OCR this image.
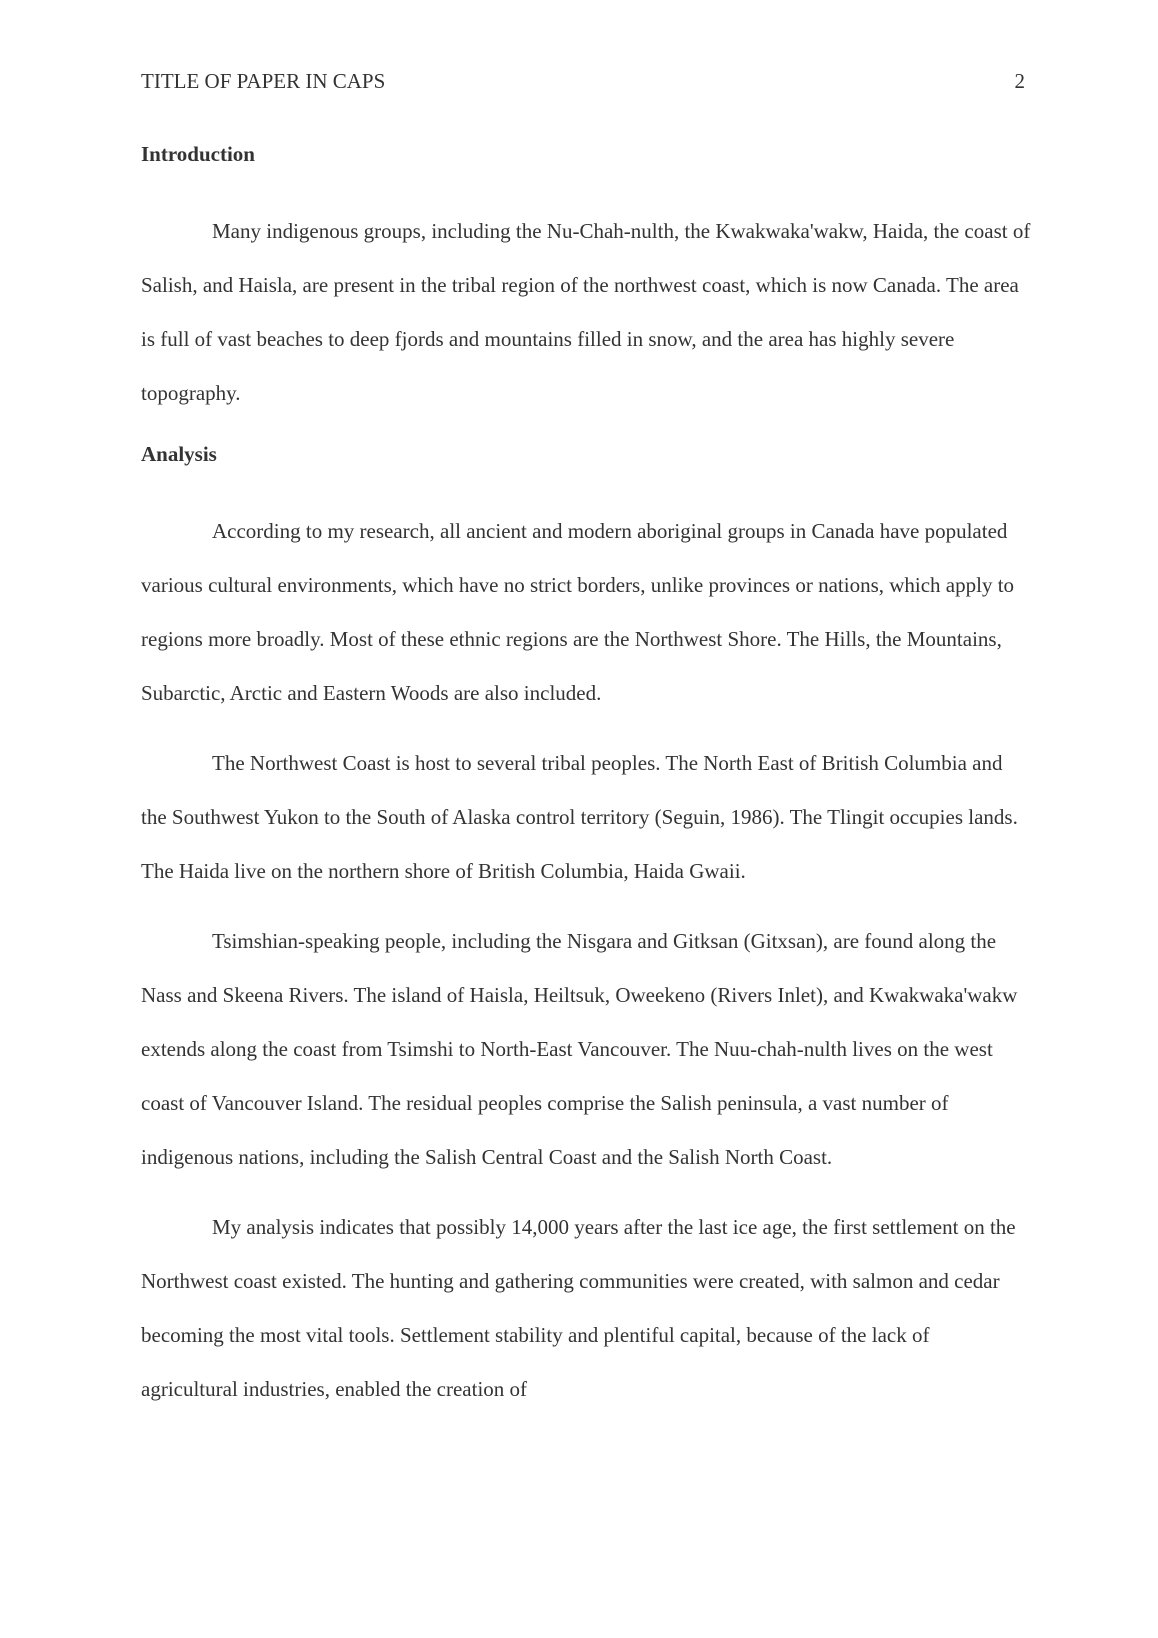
TITLE OF PAPER IN CAPS	2
Introduction

Many indigenous groups, including the Nu-Chah-nulth, the Kwakwaka'wakw, Haida, the coast of Salish, and Haisla, are present in the tribal region of the northwest coast, which is now Canada. The area is full of vast beaches to deep fjords and mountains filled in snow, and the area has highly severe topography.

Analysis

According to my research, all ancient and modern aboriginal groups in Canada have populated various cultural environments, which have no strict borders, unlike provinces or nations, which apply to regions more broadly. Most of these ethnic regions are the Northwest Shore. The Hills, the Mountains, Subarctic, Arctic and Eastern Woods are also included.

The Northwest Coast is host to several tribal peoples. The North East of British Columbia and the Southwest Yukon to the South of Alaska control territory (Seguin, 1986). The Tlingit occupies lands. The Haida live on the northern shore of British Columbia, Haida Gwaii.

Tsimshian-speaking people, including the Nisgara and Gitksan (Gitxsan), are found along the Nass and Skeena Rivers. The island of Haisla, Heiltsuk, Oweekeno (Rivers Inlet), and Kwakwaka'wakw extends along the coast from Tsimshi to North-East Vancouver. The Nuu-chah-nulth lives on the west coast of Vancouver Island. The residual peoples comprise the Salish peninsula, a vast number of indigenous nations, including the Salish Central Coast and the Salish North Coast.

My analysis indicates that possibly 14,000 years after the last ice age, the first settlement on the Northwest coast existed. The hunting and gathering communities were created, with salmon and cedar becoming the most vital tools. Settlement stability and plentiful capital, because of the lack of agricultural industries, enabled the creation of
